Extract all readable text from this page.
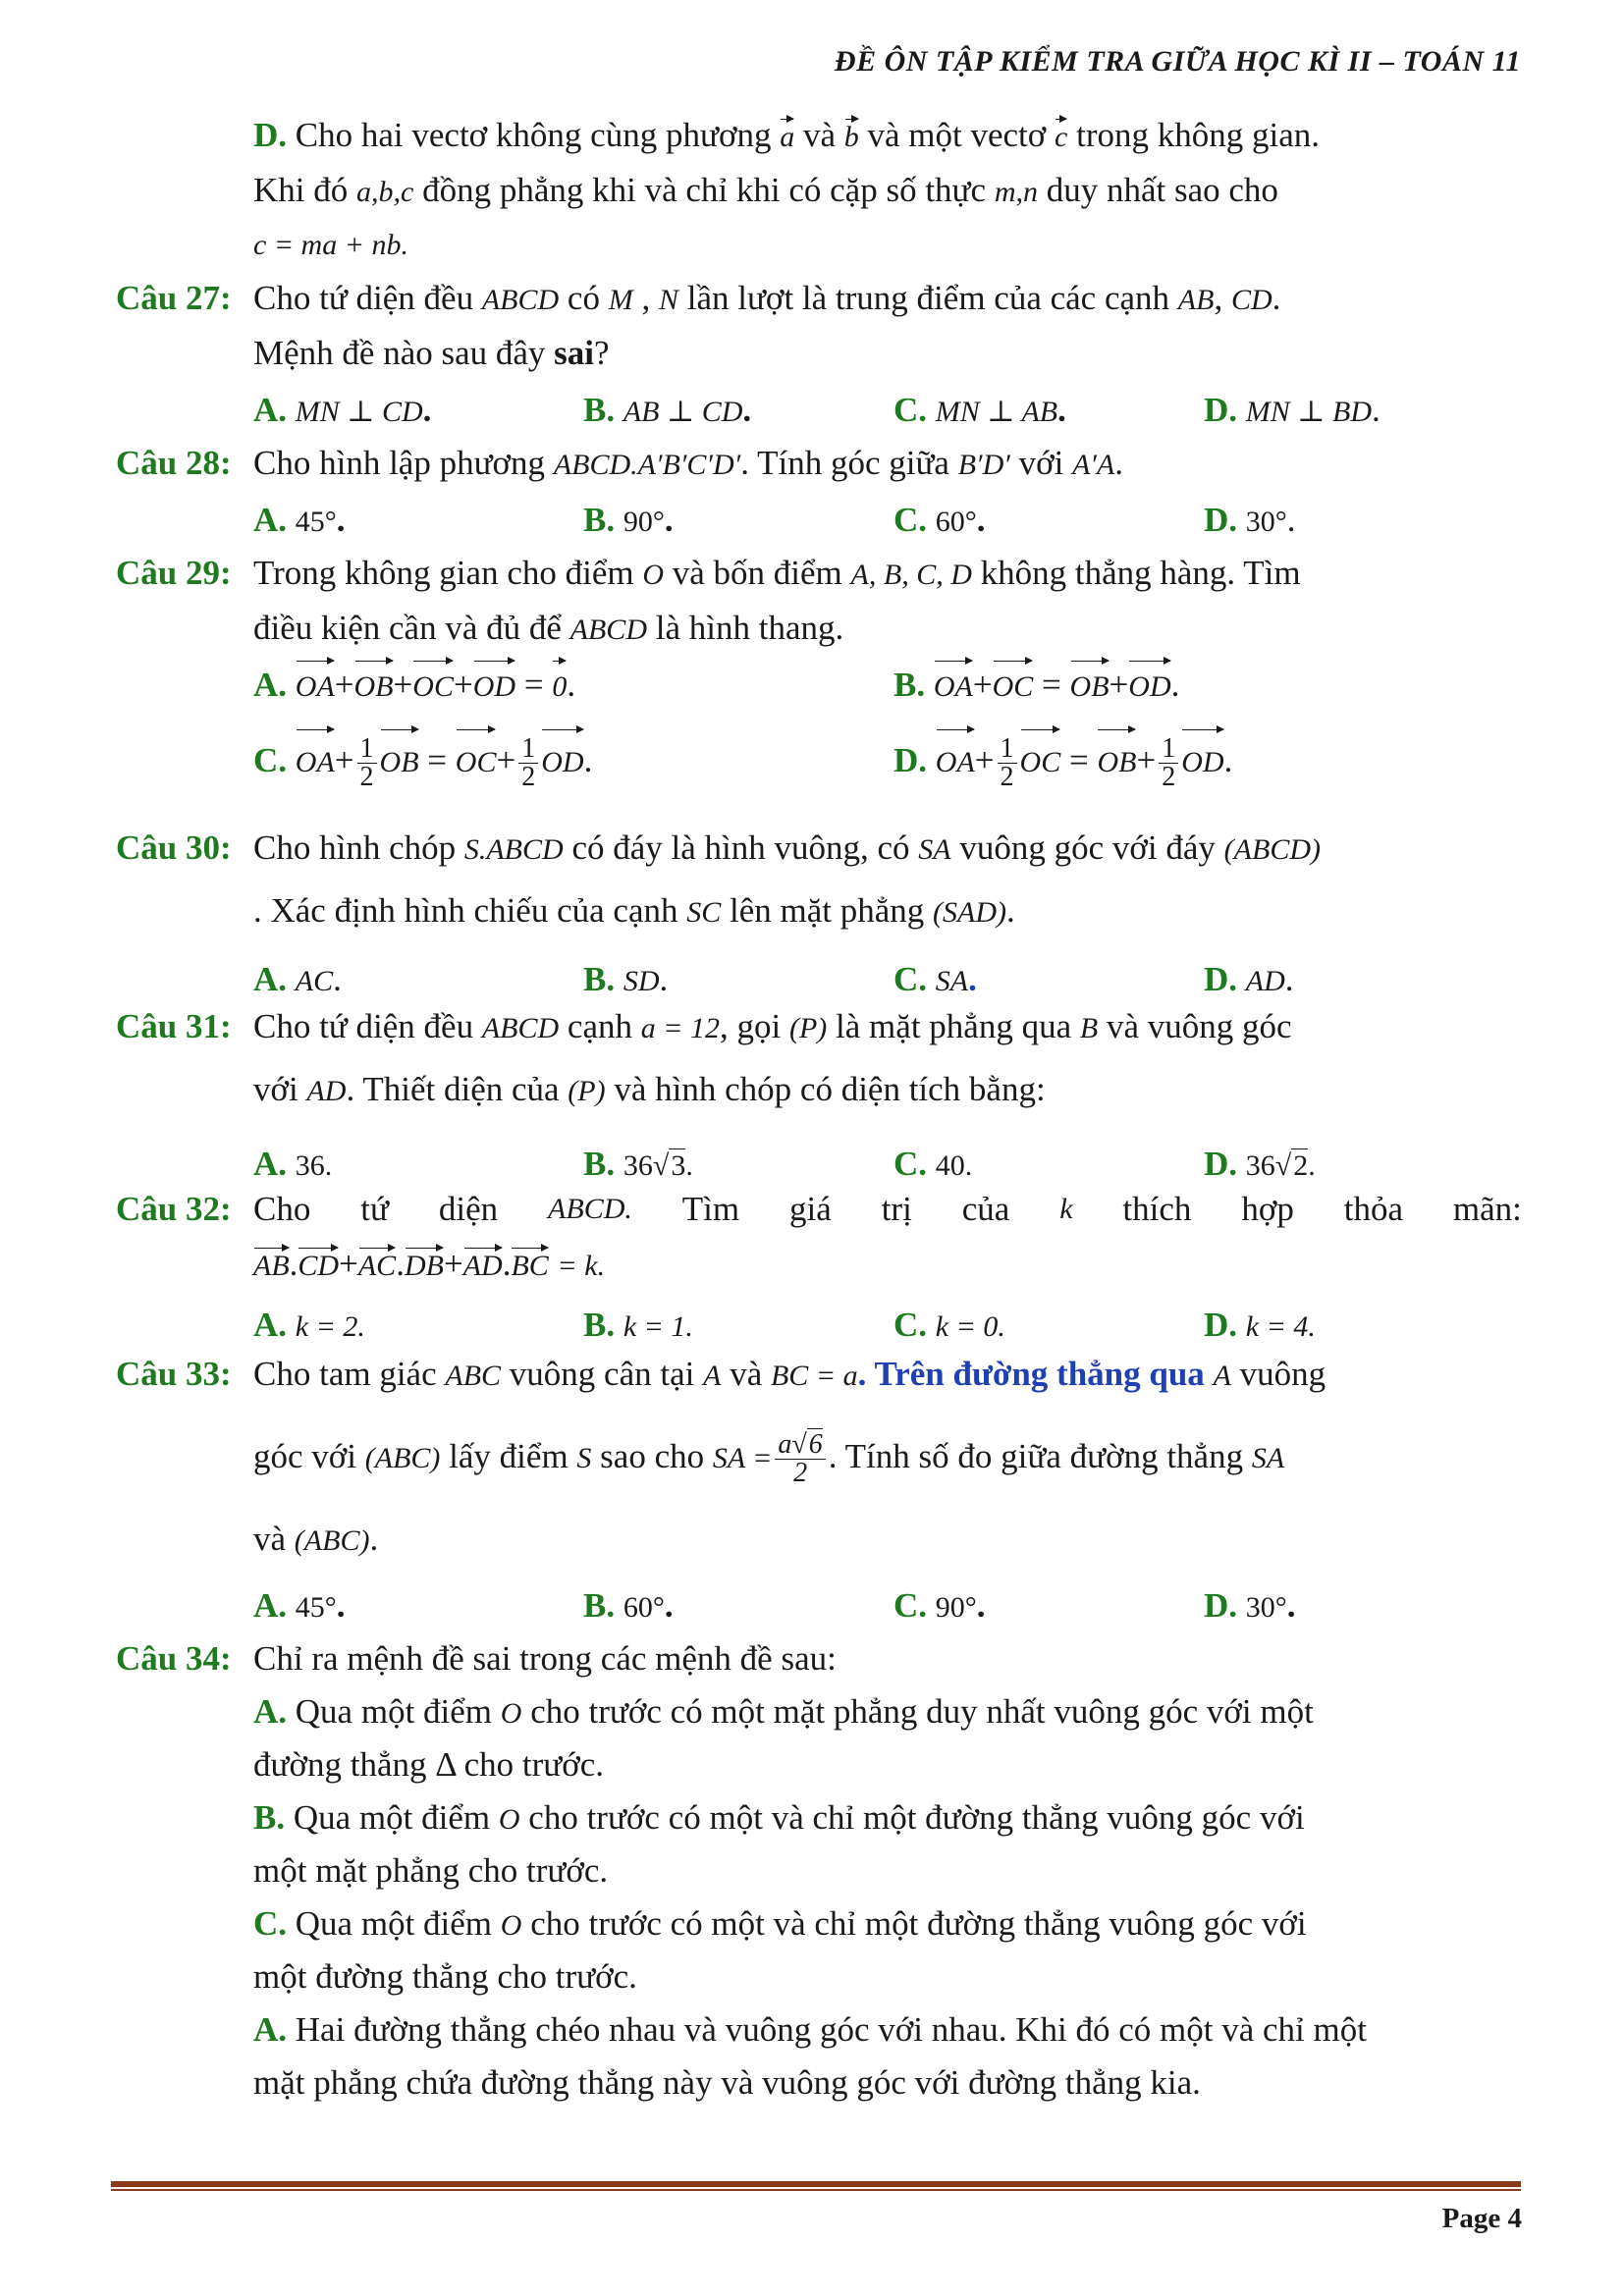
ĐỀ ÔN TẬP KIỂM TRA GIỮA HỌC KÌ II – TOÁN 11
D. Cho hai vectơ không cùng phương a và b và một vectơ c trong không gian.
Khi đó a,b,c đồng phẳng khi và chỉ khi có cặp số thực m,n duy nhất sao cho
c = ma + nb.
Câu 27: Cho tứ diện đều ABCD có M , N lần lượt là trung điểm của các cạnh AB, CD.
Mệnh đề nào sau đây sai?
A. MN ⊥ CD.	B. AB ⊥ CD.	C. MN ⊥ AB.	D. MN ⊥ BD.
Câu 28: Cho hình lập phương ABCD.A′B′C′D′. Tính góc giữa B′D′ với A′A.
A. 45°.	B. 90°.	C. 60°.	D. 30°.
Câu 29: Trong không gian cho điểm O và bốn điểm A, B, C, D không thẳng hàng. Tìm
điều kiện cần và đủ để ABCD là hình thang.
A. OA+OB+OC+OD = 0.	B. OA+OC = OB+OD.
C. $OA+ \frac{1}{2}$ OB = $OC+ \frac{1}{2}$ OD.	D. $OA+ \frac{1}{2}$ OC = $OB+ \frac{1}{2}$ OD.
Câu 30: Cho hình chóp S.ABCD có đáy là hình vuông, có SA vuông góc với đáy (ABCD)
. Xác định hình chiếu của cạnh SC lên mặt phẳng (SAD).
A. AC.	B. SD.	C. SA.	D. AD.
Câu 31: Cho tứ diện đều ABCD cạnh a = 12, gọi (P) là mặt phẳng qua B và vuông góc
với AD. Thiết diện của (P) và hình chóp có diện tích bằng:
A. 36.	B. 36√3.	C. 40.	D. 36√2.
Câu 32: Cho tứ diện ABCD. Tìm giá trị của k thích hợp thỏa mãn:
AB.CD+AC.DB+AD.BC = k.
A. k = 2.	B. k = 1.	C. k = 0.	D. k = 4.
Câu 33: Cho tam giác ABC vuông cân tại A và BC = a. Trên đường thẳng qua A vuông
góc với (ABC) lấy điểm S sao cho SA = $\frac{a√6}{2}$ . Tính số đo giữa đường thẳng SA
và (ABC).
A. 45°.	B. 60°.	C. 90°.	D. 30°.
Câu 34: Chỉ ra mệnh đề sai trong các mệnh đề sau:
A. Qua một điểm O cho trước có một mặt phẳng duy nhất vuông góc với một
đường thẳng Δ cho trước.
B. Qua một điểm O cho trước có một và chỉ một đường thẳng vuông góc với
một mặt phẳng cho trước.
C. Qua một điểm O cho trước có một và chỉ một đường thẳng vuông góc với
một đường thẳng cho trước.
A. Hai đường thẳng chéo nhau và vuông góc với nhau. Khi đó có một và chỉ một
mặt phẳng chứa đường thẳng này và vuông góc với đường thẳng kia.
Page 4
